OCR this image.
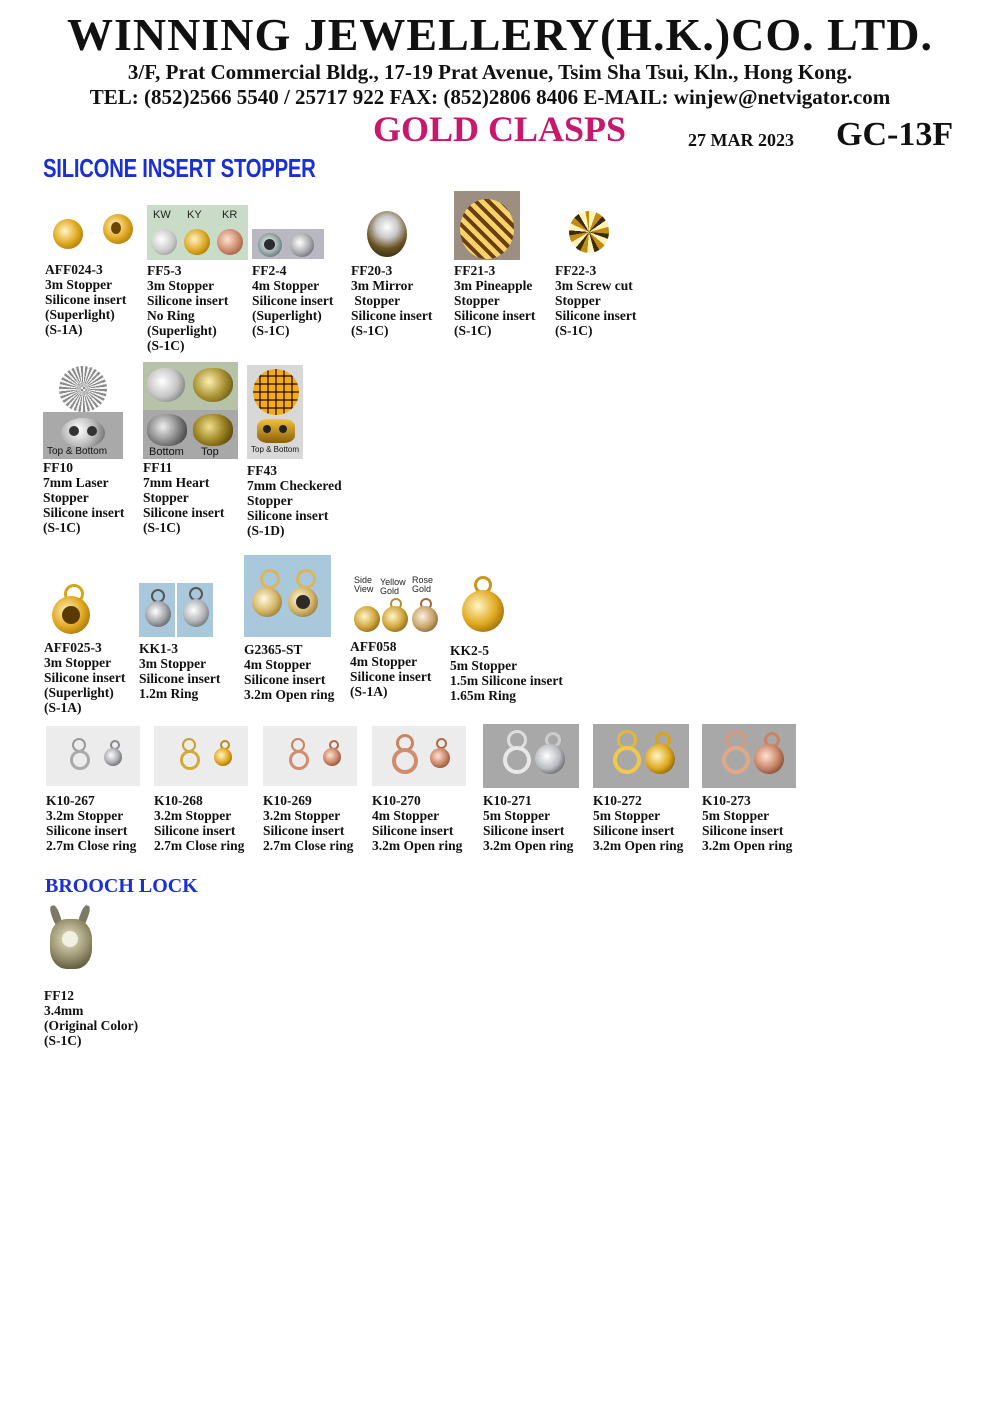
WINNING JEWELLERY(H.K.)CO. LTD.
3/F, Prat Commercial Bldg., 17-19 Prat Avenue, Tsim Sha Tsui, Kln., Hong Kong.
TEL: (852)2566 5540 / 25717 922 FAX: (852)2806 8406 E-MAIL: winjew@netvigator.com
GOLD CLASPS	27 MAR 2023 GC-13F
SILICONE INSERT STOPPER
AFF024-3
3m Stopper
Silicone insert
(Superlight)
(S-1A)
KW KY KR
FF5-3
3m Stopper
Silicone insert
No Ring
(Superlight)
(S-1C)
FF2-4
4m Stopper
Silicone insert
(Superlight)
(S-1C)
FF20-3
3m Mirror
Stopper
Silicone insert
(S-1C)
FF21-3
3m Pineapple
Stopper
Silicone insert
(S-1C)
FF22-3
3m Screw cut
Stopper
Silicone insert
(S-1C)
Top & Bottom
FF10
7mm Laser
Stopper
Silicone insert
(S-1C)
Bottom Top
FF11
7mm Heart
Stopper
Silicone insert
(S-1C)
Top & Bottom
FF43
7mm Checkered
Stopper
Silicone insert
(S-1D)
AFF025-3
3m Stopper
Silicone insert
(Superlight)
(S-1A)
KK1-3
3m Stopper
Silicone insert
1.2m Ring
G2365-ST
4m Stopper
Silicone insert
3.2m Open ring
Side View
Yellow Gold
Rose Gold
AFF058
4m Stopper
Silicone insert
(S-1A)
KK2-5
5m Stopper
1.5m Silicone insert
1.65m Ring
K10-267
3.2m Stopper
Silicone insert
2.7m Close ring
K10-268
3.2m Stopper
Silicone insert
2.7m Close ring
K10-269
3.2m Stopper
Silicone insert
2.7m Close ring
K10-270
4m Stopper
Silicone insert
3.2m Open ring
K10-271
5m Stopper
Silicone insert
3.2m Open ring
K10-272
5m Stopper
Silicone insert
3.2m Open ring
K10-273
5m Stopper
Silicone insert
3.2m Open ring
BROOCH LOCK
FF12
3.4mm
(Original Color)
(S-1C)
